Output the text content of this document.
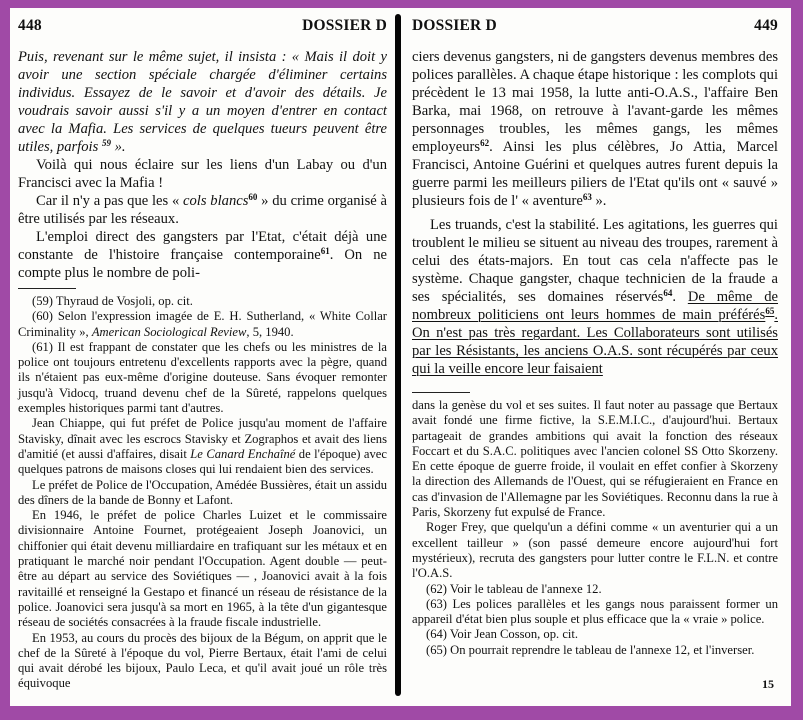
448	DOSSIER D

Puis, revenant sur le même sujet, il insista : « Mais il doit y avoir une section spéciale chargée d'éliminer certains individus. Essayez de le savoir et d'avoir des détails. Je voudrais savoir aussi s'il y a un moyen d'entrer en contact avec la Mafia. Les services de quelques tueurs peuvent être utiles, parfois $^{59}$ ».

Voilà qui nous éclaire sur les liens d'un Labay ou d'un Francisci avec la Mafia !

Car il n'y a pas que les « cols blancs$^{60}$ » du crime organisé à être utilisés par les réseaux.

L'emploi direct des gangsters par l'Etat, c'était déjà une constante de l'histoire française contemporaine$^{61}$. On ne compte plus le nombre de poli-

(59) Thyraud de Vosjoli, op. cit.

(60) Selon l'expression imagée de E. H. Sutherland, « White Collar Criminality », American Sociological Review, 5, 1940.

(61) Il est frappant de constater que les chefs ou les ministres de la police ont toujours entretenu d'excellents rapports avec la pègre, quand ils n'étaient pas eux-même d'origine douteuse. Sans évoquer remonter jusqu'à Vidocq, truand devenu chef de la Sûreté, rappelons quelques exemples historiques parmi tant d'autres.

Jean Chiappe, qui fut préfet de Police jusqu'au moment de l'affaire Stavisky, dînait avec les escrocs Stavisky et Zographos et avait des liens d'amitié (et aussi d'affaires, disait Le Canard Enchaîné de l'époque) avec quelques patrons de maisons closes qui lui rendaient bien des services.

Le préfet de Police de l'Occupation, Amédée Bussières, était un assidu des dîners de la bande de Bonny et Lafont.

En 1946, le préfet de police Charles Luizet et le commissaire divisionnaire Antoine Fournet, protégeaient Joseph Joanovici, un chiffonier qui était devenu milliardaire en trafiquant sur les métaux et en pratiquant le marché noir pendant l'Occupation. Agent double — peut-être au départ au service des Soviétiques — , Joanovici avait à la fois ravitaillé et renseigné la Gestapo et financé un réseau de résistance de la police. Joanovici sera jusqu'à sa mort en 1965, à la tête d'un gigantesque réseau de sociétés consacrées à la fraude fiscale industrielle.

En 1953, au cours du procès des bijoux de la Bégum, on apprit que le chef de la Sûreté à l'époque du vol, Pierre Bertaux, était l'ami de celui qui avait dérobé les bijoux, Paulo Leca, et qu'il avait joué un rôle très équivoque

DOSSIER D	449

ciers devenus gangsters, ni de gangsters devenus membres des polices parallèles. A chaque étape historique : les complots qui précèdent le 13 mai 1958, la lutte anti-O.A.S., l'affaire Ben Barka, mai 1968, on retrouve à l'avant-garde les mêmes personnages troubles, les mêmes gangs, les mêmes employeurs$^{62}$. Ainsi les plus célèbres, Jo Attia, Marcel Francisci, Antoine Guérini et quelques autres furent depuis la guerre parmi les meilleurs piliers de l'Etat qu'ils ont « sauvé » plusieurs fois de l' « aventure$^{63}$ ».

Les truands, c'est la stabilité. Les agitations, les guerres qui troublent le milieu se situent au niveau des troupes, rarement à celui des états-majors. En tout cas cela n'affecte pas le système. Chaque gangster, chaque technicien de la fraude a ses spécialités, ses domaines réservés$^{64}$. De même de nombreux politiciens ont leurs hommes de main préférés$^{65}$. On n'est pas très regardant. Les Collaborateurs sont utilisés par les Résistants, les anciens O.A.S. sont récupérés par ceux qui la veille encore leur faisaient

dans la genèse du vol et ses suites. Il faut noter au passage que Bertaux avait fondé une firme fictive, la S.E.M.I.C., d'aujourd'hui. Bertaux partageait de grandes ambitions qui avait la fonction des réseaux Foccart et du S.A.C. politiques avec l'ancien colonel SS Otto Skorzeny. En cette époque de guerre froide, il voulait en effet confier à Skorzeny la direction des Allemands de l'Ouest, qui se réfugieraient en France en cas d'invasion de l'Allemagne par les Soviétiques. Reconnu dans la rue à Paris, Skorzeny fut expulsé de France.

Roger Frey, que quelqu'un a défini comme « un aventurier qui a un excellent tailleur » (son passé demeure encore aujourd'hui fort mystérieux), recruta des gangsters pour lutter contre le F.L.N. et contre l'O.A.S.

(62) Voir le tableau de l'annexe 12.

(63) Les polices parallèles et les gangs nous paraissent former un appareil d'état bien plus souple et plus efficace que la « vraie » police.

(64) Voir Jean Cosson, op. cit.

(65) On pourrait reprendre le tableau de l'annexe 12, et l'inverser.

15
